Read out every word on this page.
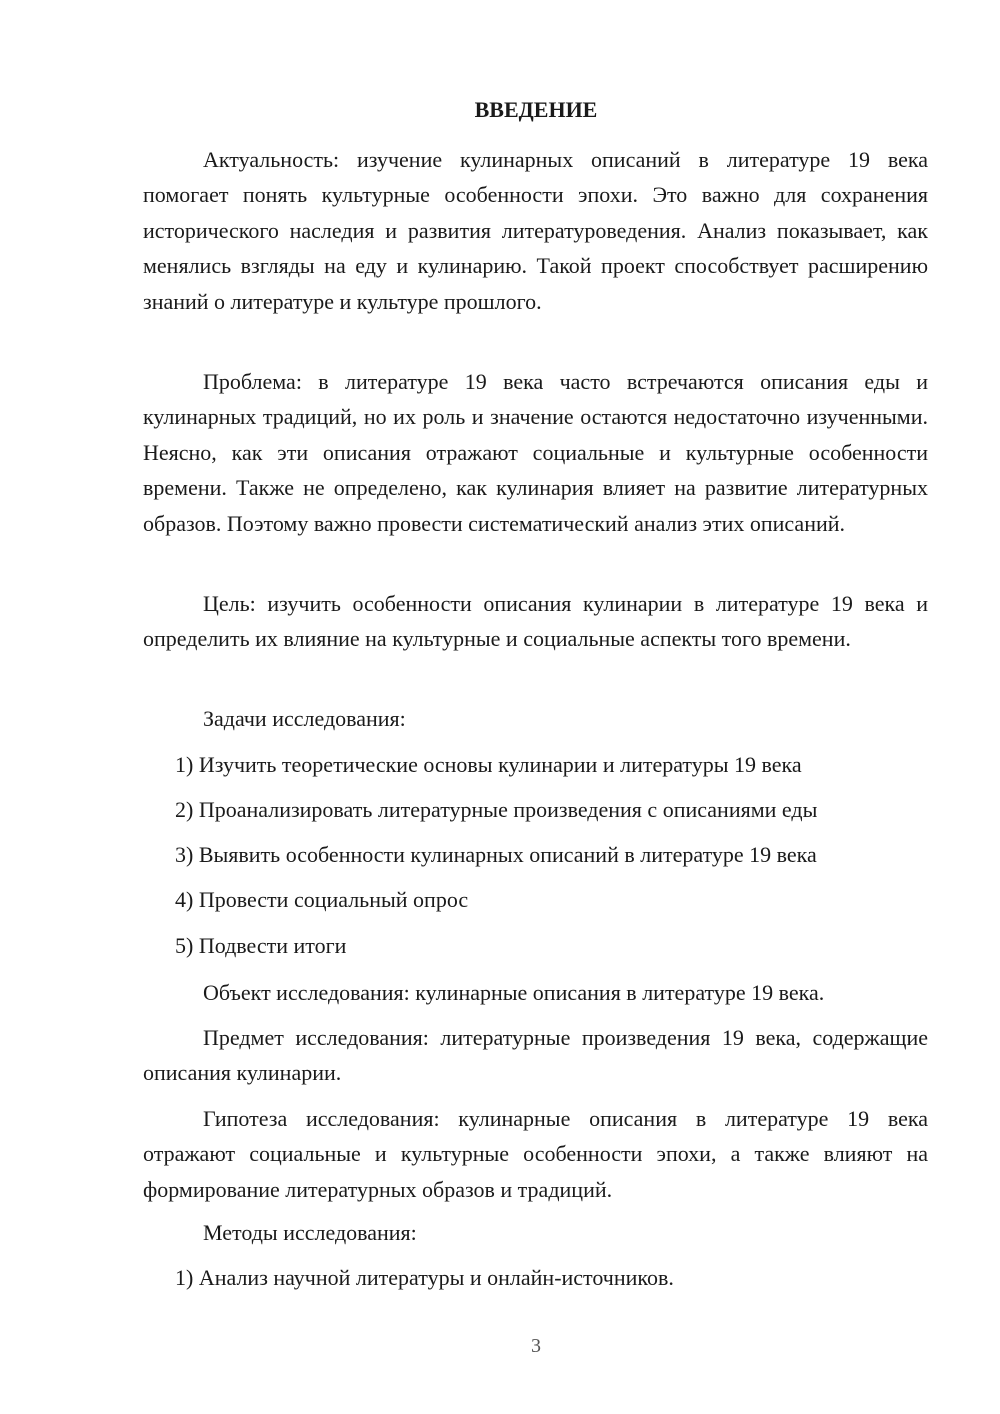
ВВЕДЕНИЕ

Актуальность: изучение кулинарных описаний в литературе 19 века помогает понять культурные особенности эпохи. Это важно для сохранения исторического наследия и развития литературоведения. Анализ показывает, как менялись взгляды на еду и кулинарию. Такой проект способствует расширению знаний о литературе и культуре прошлого.

Проблема: в литературе 19 века часто встречаются описания еды и кулинарных традиций, но их роль и значение остаются недостаточно изученными. Неясно, как эти описания отражают социальные и культурные особенности времени. Также не определено, как кулинария влияет на развитие литературных образов. Поэтому важно провести систематический анализ этих описаний.

Цель: изучить особенности описания кулинарии в литературе 19 века и определить их влияние на культурные и социальные аспекты того времени.

Задачи исследования:

1) Изучить теоретические основы кулинарии и литературы 19 века

2) Проанализировать литературные произведения с описаниями еды

3) Выявить особенности кулинарных описаний в литературе 19 века

4) Провести социальный опрос

5) Подвести итоги

Объект исследования: кулинарные описания в литературе 19 века.

Предмет исследования: литературные произведения 19 века, содержащие описания кулинарии.

Гипотеза исследования: кулинарные описания в литературе 19 века отражают социальные и культурные особенности эпохи, а также влияют на формирование литературных образов и традиций.

Методы исследования:

1) Анализ научной литературы и онлайн-источников.

3
